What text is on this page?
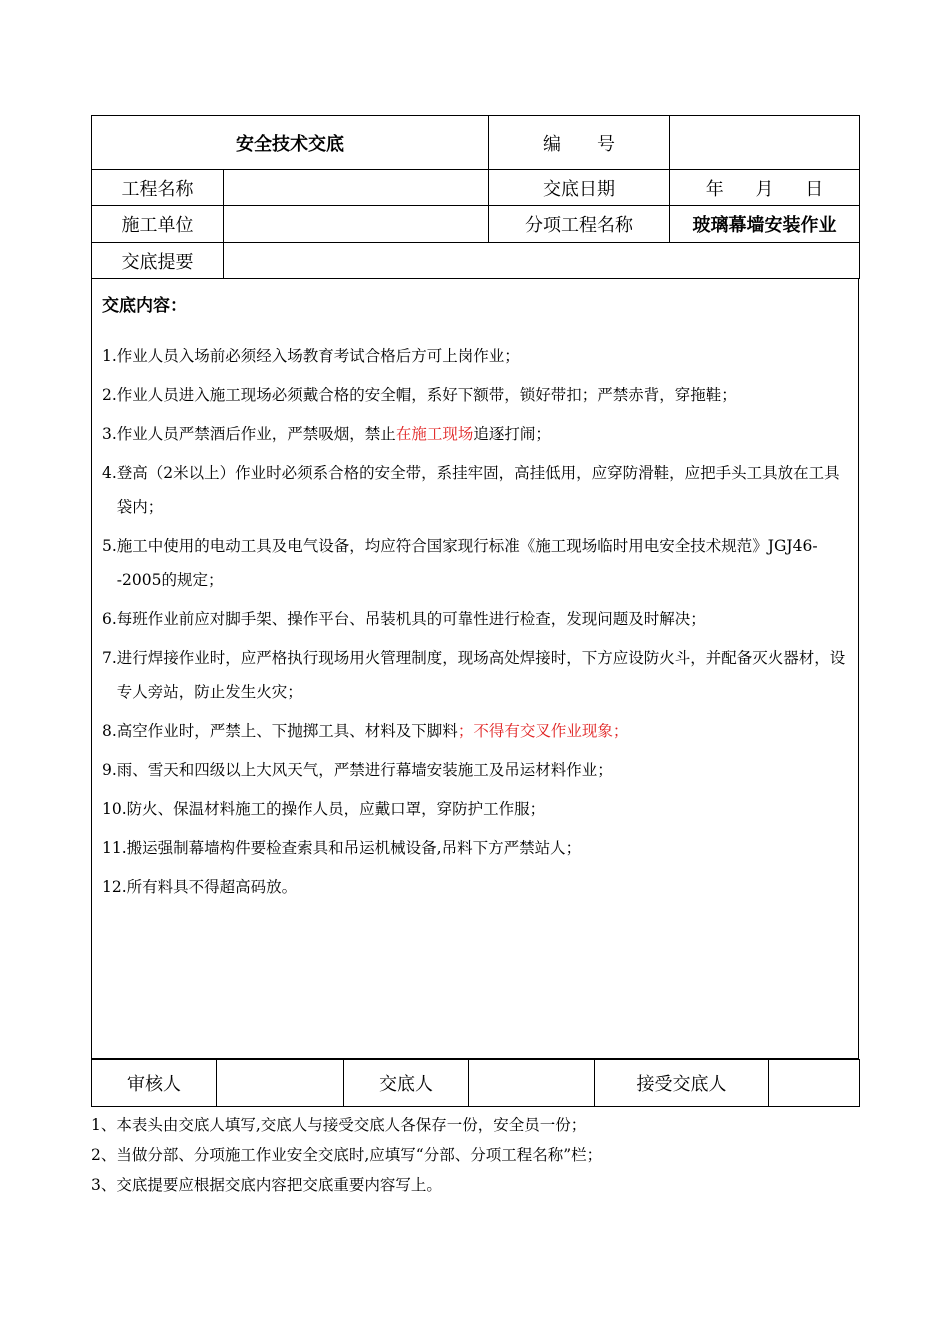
安全技术交底		编　　号	
工程名称		交底日期	年 月 日
施工单位		分项工程名称	玻璃幕墙安装作业
交底提要			
交底内容：
1. 作业人员入场前必须经入场教育考试合格后方可上岗作业；
2. 作业人员进入施工现场必须戴合格的安全帽，系好下额带，锁好带扣；严禁赤背，穿拖鞋；
3. 作业人员严禁酒后作业，严禁吸烟，禁止在施工现场追逐打闹；
4. 登高（2米以上）作业时必须系合格的安全带，系挂牢固，高挂低用，应穿防滑鞋，应把手头工具放在工具袋内；
5. 施工中使用的电动工具及电气设备，均应符合国家现行标准《施工现场临时用电安全技术规范》JGJ46--2005的规定；
6. 每班作业前应对脚手架、操作平台、吊装机具的可靠性进行检查，发现问题及时解决；
7. 进行焊接作业时，应严格执行现场用火管理制度，现场高处焊接时，下方应设防火斗，并配备灭火器材，设专人旁站，防止发生火灾；
8. 高空作业时，严禁上、下抛掷工具、材料及下脚料；不得有交叉作业现象；
9. 雨、雪天和四级以上大风天气，严禁进行幕墙安装施工及吊运材料作业；
10. 防火、保温材料施工的操作人员，应戴口罩，穿防护工作服；
11. 搬运强制幕墙构件要检查索具和吊运机械设备,吊料下方严禁站人；
12. 所有料具不得超高码放。
审核人		交底人		接受交底人	
1、本表头由交底人填写,交底人与接受交底人各保存一份，安全员一份；
2、当做分部、分项施工作业安全交底时,应填写“分部、分项工程名称”栏；
3、交底提要应根据交底内容把交底重要内容写上。
